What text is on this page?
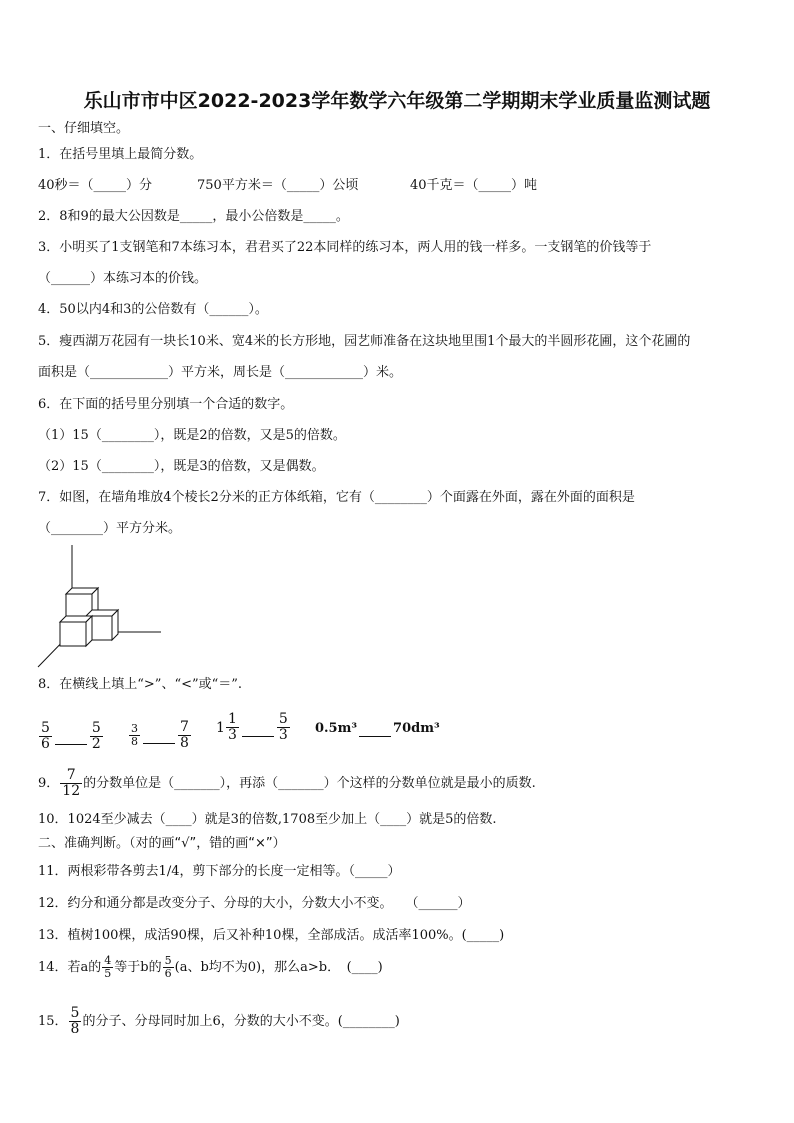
乐山市市中区2022-2023学年数学六年级第二学期期末学业质量监测试题
一、仔细填空。
1．在括号里填上最简分数。
40秒＝（_____）分	750平方米＝（_____）公顷	40千克＝（_____）吨
2．8和9的最大公因数是_____，最小公倍数是_____。
3．小明买了1支钢笔和7本练习本，君君买了22本同样的练习本，两人用的钱一样多。一支钢笔的价钱等于
（______）本练习本的价钱。
4．50以内4和3的公倍数有（______）。
5．瘦西湖万花园有一块长10米、宽4米的长方形地，园艺师准备在这块地里围1个最大的半圆形花圃，这个花圃的
面积是（____________）平方米，周长是（____________）米。
6．在下面的括号里分别填一个合适的数字。
（1）15（________），既是2的倍数，又是5的倍数。
（2）15（________），既是3的倍数，又是偶数。
7．如图，在墙角堆放4个棱长2分米的正方体纸箱，它有（________）个面露在外面，露在外面的面积是
（________）平方分米。
8．在横线上填上“>”、“<”或“＝”.
$\frac{5}{6}$	$\frac{5}{2}$
$\frac{3}{8}$	$\frac{7}{8}$
$1 \frac{1}{3}$	$\frac{5}{3}$
0.5m³	70dm³
9． $\frac{7}{12}$ 的分数单位是（_______），再添（_______）个这样的分数单位就是最小的质数.
10．1024至少减去（____）就是3的倍数,1708至少加上（____）就是5的倍数.
二、准确判断。（对的画“√”，错的画“×”）
11．两根彩带各剪去1/4，剪下部分的长度一定相等。（_____）
12．约分和通分都是改变分子、分母的大小，分数大小不变。　　（______）
13．植树100棵，成活90棵，后又补种10棵，全部成活。成活率100%。(_____)
14．若a的 $\frac{4}{5}$ 等于b的 $\frac{5}{6} (a$、b均不为0)，那么a>b．　(____)
15． $\frac{5}{8}$ 的分子、分母同时加上6，分数的大小不变。(________)
